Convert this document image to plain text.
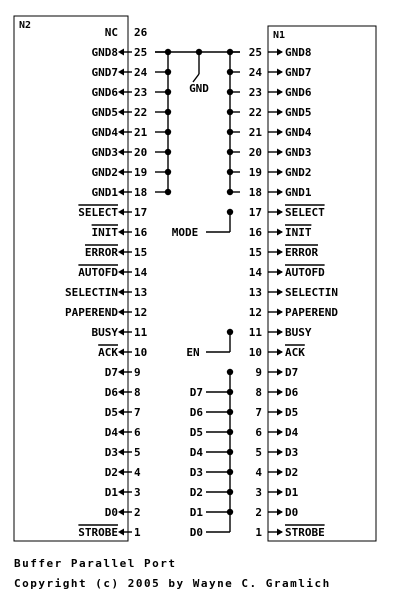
N2
N1
26
NC
25
GND8	25 GND8
24
GND7	24 GND7
23
GND6	23 GND6
22
GND5	22 GND5
21
GND4	21 GND4
20
GND3	20 GND3
19
GND2	19 GND2
18
GND1	18 GND1
17
SELECT	17 SELECT
16
INIT	16 INIT
15
ERROR	15 ERROR
14
AUTOFD	14 AUTOFD
13
SELECTIN	13 SELECTIN
12
PAPEREND	12 PAPEREND
11
BUSY	11 BUSY
10
ACK	10 ACK
9
D7	9 D7
8
D6	8 D6
7
D5	7 D5
6
D4	6 D4
5
D3	5 D3
4
D2	4 D2
3
D1	3 D1
2
D0	2 D0
1
STROBE	1 STROBE
GND
MODE
EN
D7
D6
D5
D4
D3
D2
D1
D0
Buffer Parallel Port
Copyright (c) 2005 by Wayne C. Gramlich
